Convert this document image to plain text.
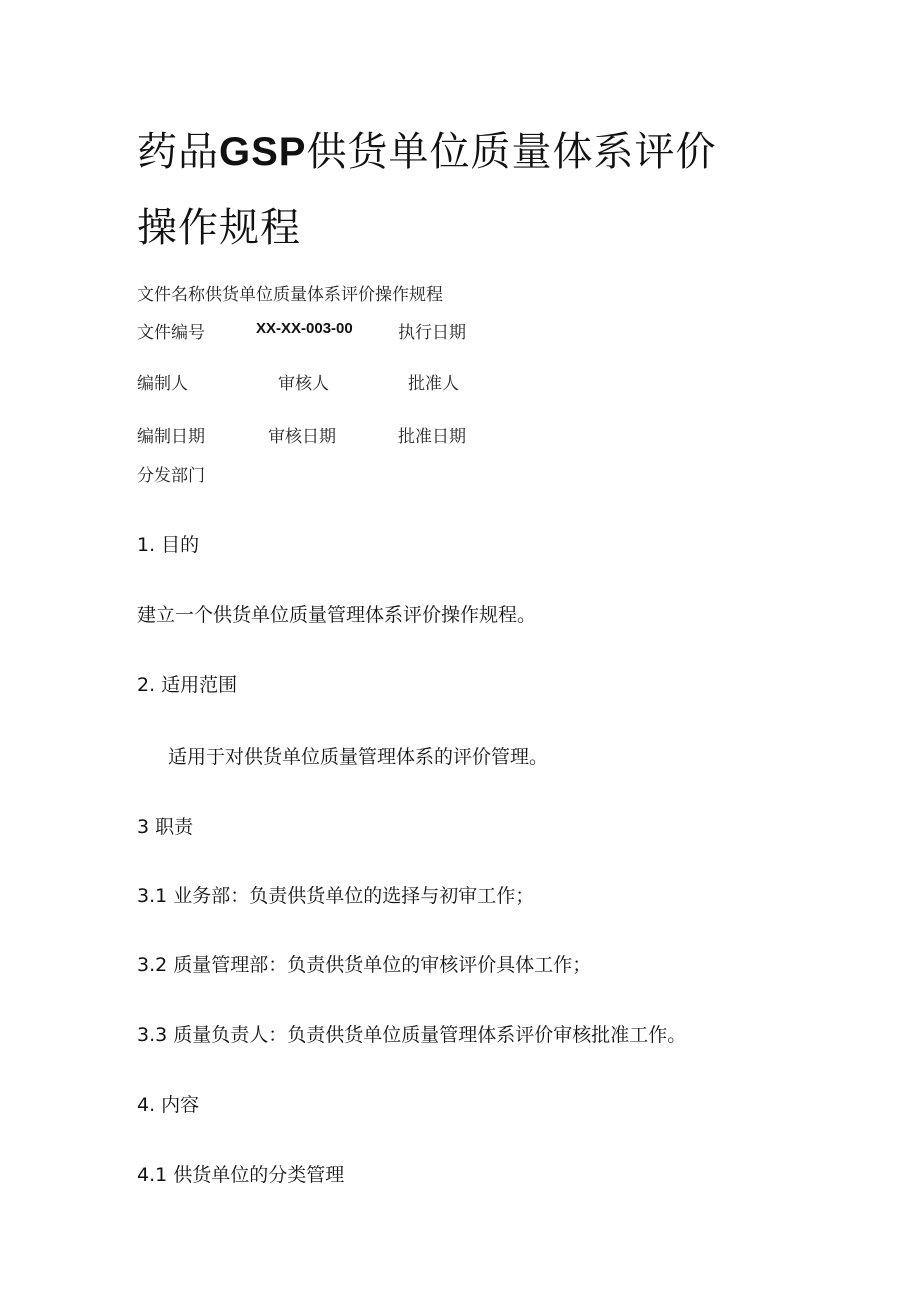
药品GSP供货单位质量体系评价
操作规程
文件名称供货单位质量体系评价操作规程
文件编号	XX-XX-003-00	执行日期
编制人	审核人	批准人
编制日期	审核日期	批准日期
分发部门
1. 目的
建立一个供货单位质量管理体系评价操作规程。
2. 适用范围
适用于对供货单位质量管理体系的评价管理。
3 职责
3.1 业务部：负责供货单位的选择与初审工作；
3.2 质量管理部：负责供货单位的审核评价具体工作；
3.3 质量负责人：负责供货单位质量管理体系评价审核批准工作。
4. 内容
4.1 供货单位的分类管理
